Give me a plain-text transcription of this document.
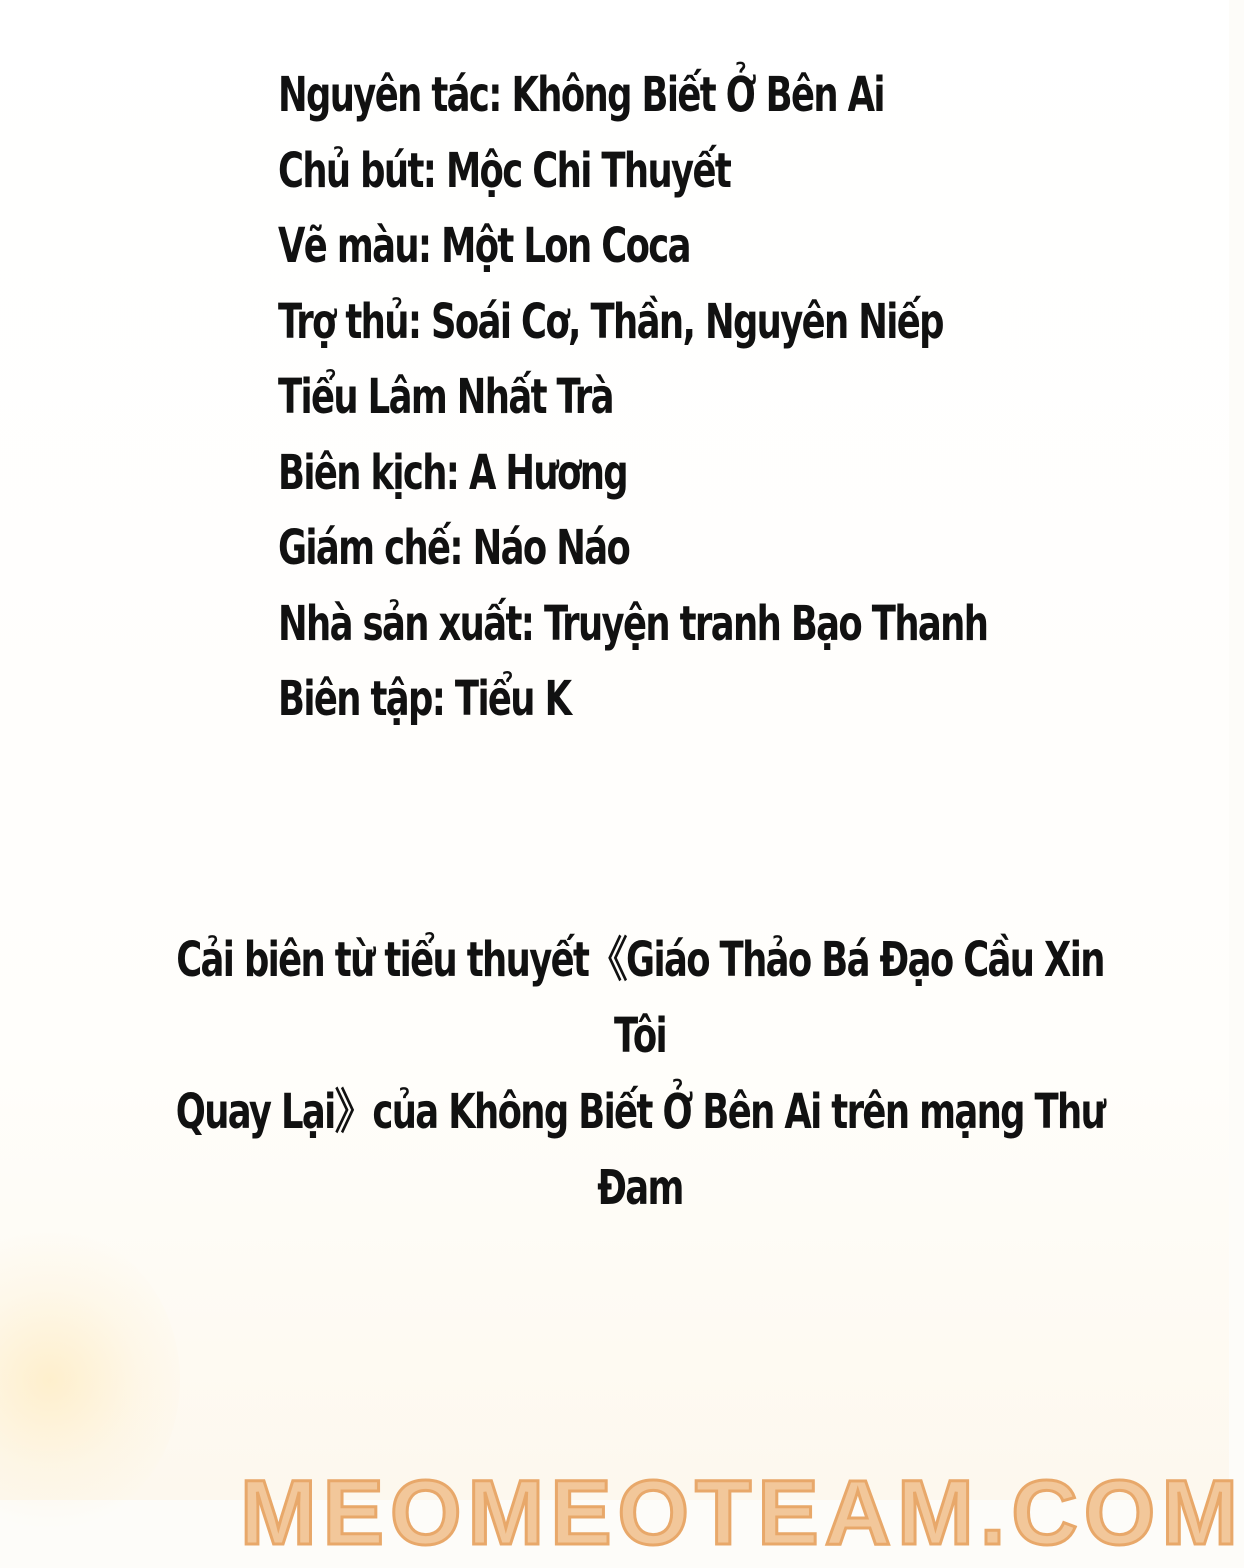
Nguyên tác: Không Biết Ở Bên Ai
Chủ bút: Mộc Chi Thuyết
Vẽ màu: Một Lon Coca
Trợ thủ: Soái Cơ, Thần, Nguyên Niếp
Tiểu Lâm Nhất Trà
Biên kịch: A Hương
Giám chế: Náo Náo
Nhà sản xuất: Truyện tranh Bạo Thanh
Biên tập: Tiểu K
Cải biên từ tiểu thuyết《Giáo Thảo Bá Đạo Cầu Xin Tôi
Quay Lại》của Không Biết Ở Bên Ai trên mạng Thư Đam
MEOMEOTEAM.COM
